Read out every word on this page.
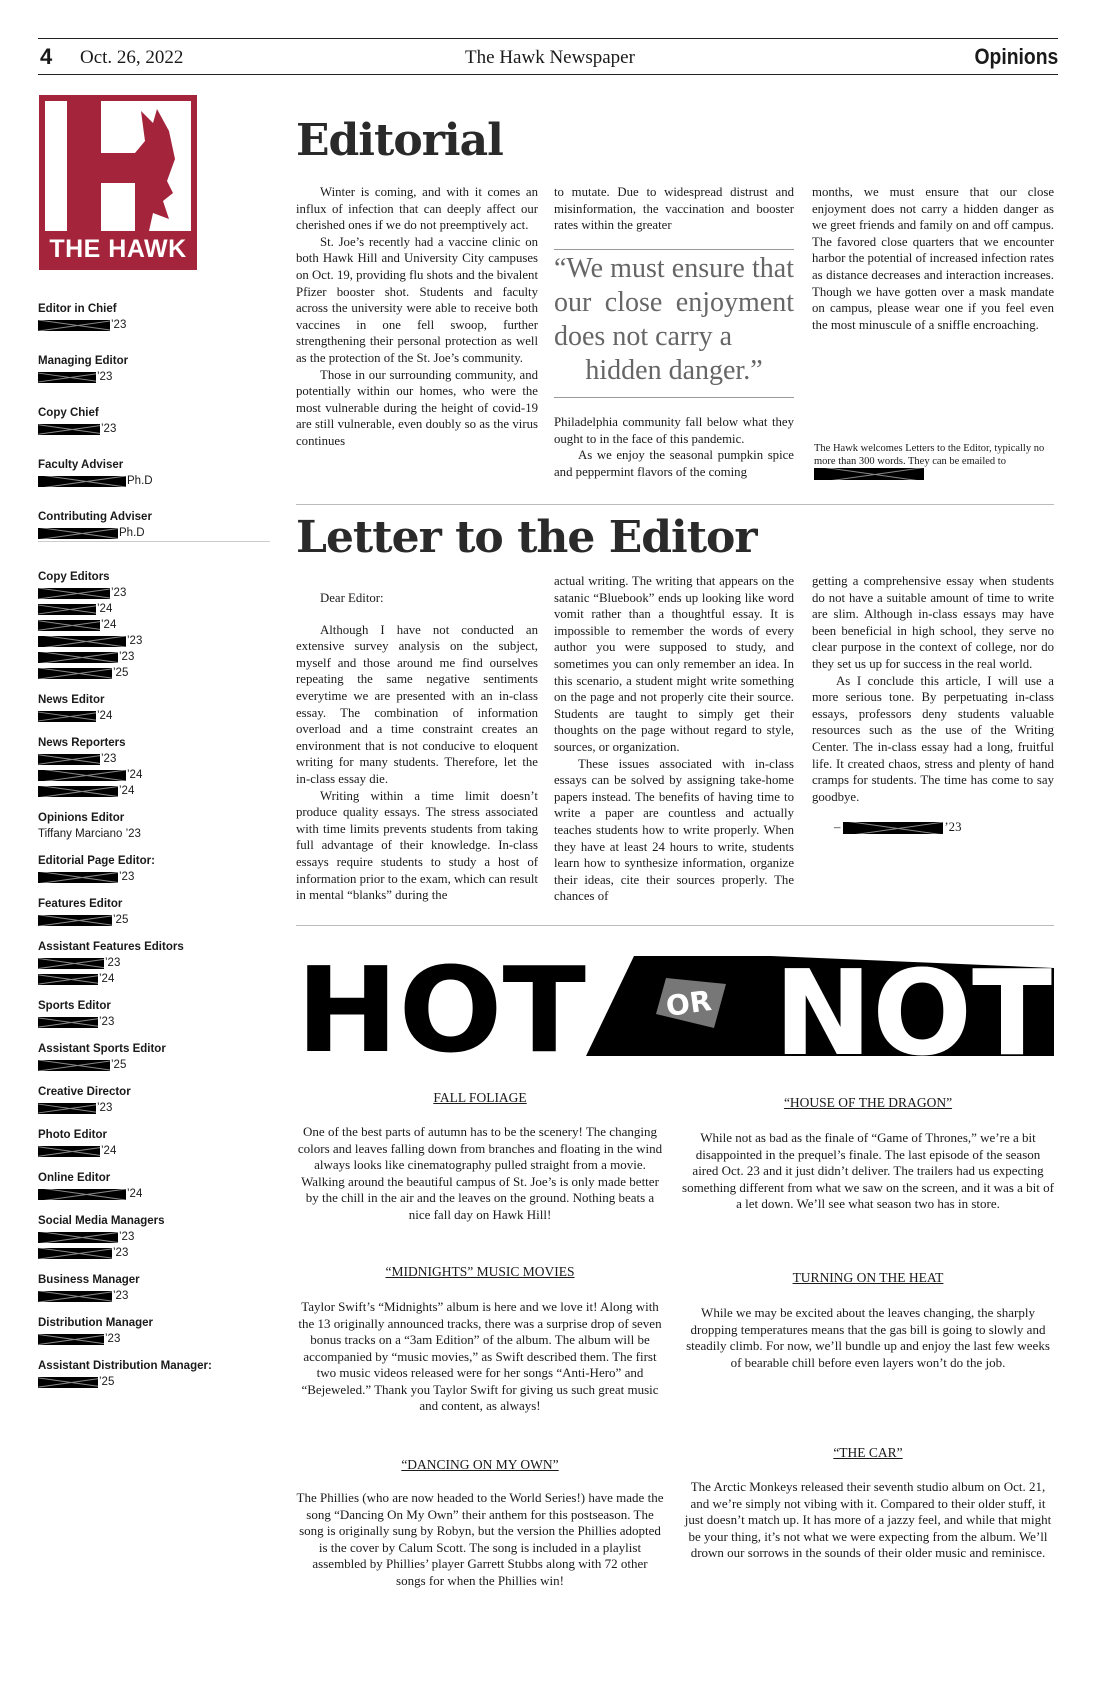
4 Oct. 26, 2022	The Hawk Newspaper	Opinions
THE HAWK
Editor in Chief
’23
Managing Editor
’23
Copy Chief
’23
Faculty Adviser
Ph.D
Contributing Adviser
Ph.D
Copy Editors
’23
’24
’24
’23
’23
’25
News Editor
’24
News Reporters
’23
’24
’24
Opinions Editor
Tiffany Marciano ’23
Editorial Page Editor:
’23
Features Editor
’25
Assistant Features Editors
’23
’24
Sports Editor
’23
Assistant Sports Editor
’25
Creative Director
’23
Photo Editor
’24
Online Editor
’24
Social Media Managers
’23
’23
Business Manager
’23
Distribution Manager
’23
Assistant Distribution Manager:
’25
Editorial

Winter is coming, and with it comes an influx of infection that can deeply affect our cherished ones if we do not preemptively act.

St. Joe’s recently had a vaccine clinic on both Hawk Hill and University City campuses on Oct. 19, providing flu shots and the bivalent Pfizer booster shot. Students and faculty across the university were able to receive both vaccines in one fell swoop, further strengthening their personal protection as well as the protection of the St. Joe’s community.

Those in our surrounding community, and potentially within our homes, who were the most vulnerable during the height of covid-19 are still vulnerable, even doubly so as the virus continues

to mutate. Due to widespread distrust and misinformation, the vaccination and booster rates within the greater

“We must ensure that our close enjoyment does not carry a
hidden danger.”

Philadelphia community fall below what they ought to in the face of this pandemic.

As we enjoy the seasonal pumpkin spice and peppermint flavors of the coming

months, we must ensure that our close enjoyment does not carry a hidden danger as we greet friends and family on and off campus. The favored close quarters that we encounter harbor the potential of increased infection rates as distance decreases and interaction increases. Though we have gotten over a mask mandate on campus, please wear one if you feel even the most minuscule of a sniffle encroaching.

The Hawk welcomes Letters to the Editor, typically no more than 300 words. They can be emailed to

Letter to the Editor

Dear Editor:

Although I have not conducted an extensive survey analysis on the subject, myself and those around me find ourselves repeating the same negative sentiments everytime we are presented with an in-class essay. The combination of information overload and a time constraint creates an environment that is not conducive to eloquent writing for many students. Therefore, let the in-class essay die.

Writing within a time limit doesn’t produce quality essays. The stress associated with time limits prevents students from taking full advantage of their knowledge. In-class essays require students to study a host of information prior to the exam, which can result in mental “blanks” during the

actual writing. The writing that appears on the satanic “Bluebook” ends up looking like word vomit rather than a thoughtful essay. It is impossible to remember the words of every author you were supposed to study, and sometimes you can only remember an idea. In this scenario, a student might write something on the page and not properly cite their source. Students are taught to simply get their thoughts on the page without regard to style, sources, or organization.

These issues associated with in-class essays can be solved by assigning take-home papers instead. The benefits of having time to write a paper are countless and actually teaches students how to write properly. When they have at least 24 hours to write, students learn how to synthesize information, organize their ideas, cite their sources properly. The chances of

getting a comprehensive essay when students do not have a suitable amount of time to write are slim. Although in-class essays may have been beneficial in high school, they serve no clear purpose in the context of college, nor do they set us up for success in the real world.

As I conclude this article, I will use a more serious tone. By perpetuating in-class essays, professors deny students valuable resources such as the use of the Writing Center. The in-class essay had a long, fruitful life. It created chaos, stress and plenty of hand cramps for students. The time has come to say goodbye.

–	’23
HOT	OR NOT
FALL FOLIAGE
One of the best parts of autumn has to be the scenery! The changing colors and leaves falling down from branches and floating in the wind always looks like cinematography pulled straight from a movie. Walking around the beautiful campus of St. Joe’s is only made better by the chill in the air and the leaves on the ground. Nothing beats a nice fall day on Hawk Hill!
“MIDNIGHTS” MUSIC MOVIES
Taylor Swift’s “Midnights” album is here and we love it! Along with the 13 originally announced tracks, there was a surprise drop of seven bonus tracks on a “3am Edition” of the album. The album will be accompanied by “music movies,” as Swift described them. The first two music videos released were for her songs “Anti-Hero” and “Bejeweled.” Thank you Taylor Swift for giving us such great music and content, as always!
“DANCING ON MY OWN”
The Phillies (who are now headed to the World Series!) have made the song “Dancing On My Own” their anthem for this postseason. The song is originally sung by Robyn, but the version the Phillies adopted is the cover by Calum Scott. The song is included in a playlist assembled by Phillies’ player Garrett Stubbs along with 72 other songs for when the Phillies win!
“HOUSE OF THE DRAGON”
While not as bad as the finale of “Game of Thrones,” we’re a bit disappointed in the prequel’s finale. The last episode of the season aired Oct. 23 and it just didn’t deliver. The trailers had us expecting something different from what we saw on the screen, and it was a bit of a let down. We’ll see what season two has in store.
TURNING ON THE HEAT
While we may be excited about the leaves changing, the sharply dropping temperatures means that the gas bill is going to slowly and steadily climb. For now, we’ll bundle up and enjoy the last few weeks of bearable chill before even layers won’t do the job.
“THE CAR”
The Arctic Monkeys released their seventh studio album on Oct. 21, and we’re simply not vibing with it. Compared to their older stuff, it just doesn’t match up. It has more of a jazzy feel, and while that might be your thing, it’s not what we were expecting from the album. We’ll drown our sorrows in the sounds of their older music and reminisce.
